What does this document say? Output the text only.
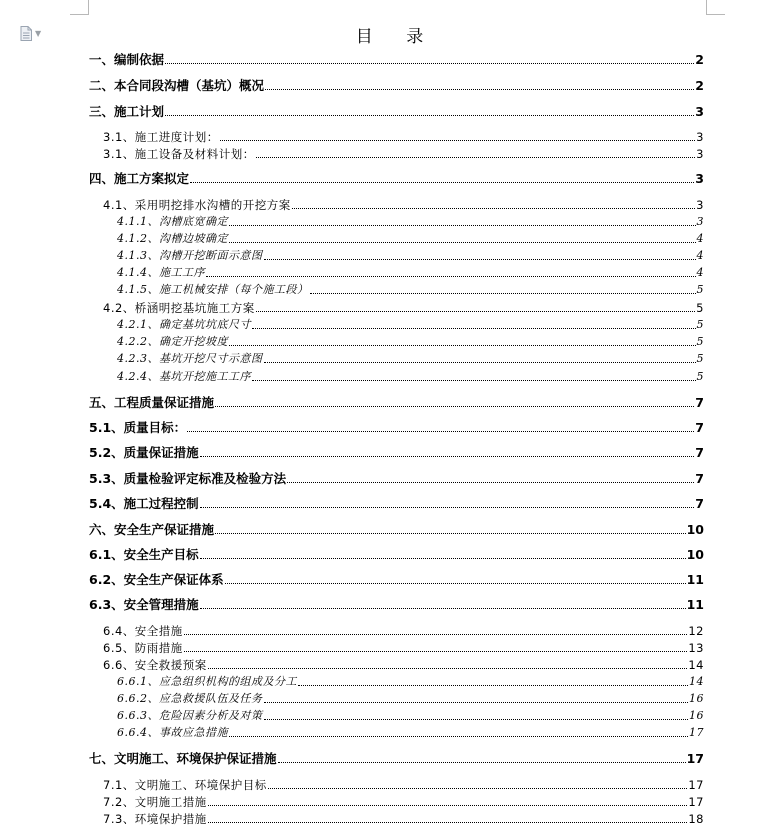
▼	目 录
一、编制依据	2
二、本合同段沟槽（基坑）概况	2
三、施工计划	3
3.1、施工进度计划：	3
3.1、施工设备及材料计划：	3
四、施工方案拟定	3
4.1、采用明挖排水沟槽的开挖方案	3
4.1.1、沟槽底宽确定	3
4.1.2、沟槽边坡确定	4
4.1.3、沟槽开挖断面示意图	4
4.1.4、施工工序	4
4.1.5、施工机械安排（每个施工段）	5
4.2、桥涵明挖基坑施工方案	5
4.2.1、确定基坑坑底尺寸	5
4.2.2、确定开挖坡度	5
4.2.3、基坑开挖尺寸示意图	5
4.2.4、基坑开挖施工工序	5
五、工程质量保证措施	7
5.1、质量目标：	7
5.2、质量保证措施	7
5.3、质量检验评定标准及检验方法	7
5.4、施工过程控制	7
六、安全生产保证措施	10
6.1、安全生产目标	10
6.2、安全生产保证体系	11
6.3、安全管理措施	11
6.4、安全措施	12
6.5、防雨措施	13
6.6、安全救援预案	14
6.6.1、应急组织机构的组成及分工	14
6.6.2、应急救援队伍及任务	16
6.6.3、危险因素分析及对策	16
6.6.4、事故应急措施	17
七、文明施工、环境保护保证措施	17
7.1、文明施工、环境保护目标	17
7.2、文明施工措施	17
7.3、环境保护措施	18
